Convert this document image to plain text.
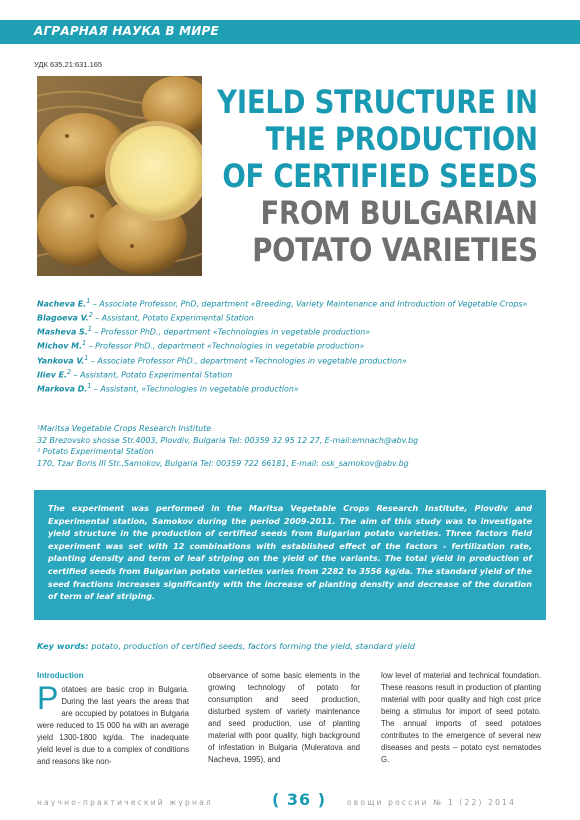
АГРАРНАЯ НАУКА В МИРЕ
УДК 635.21:631.165
YIELD STRUCTURE IN
THE PRODUCTION
OF CERTIFIED SEEDS
FROM BULGARIAN
POTATO VARIETIES
Nacheva E.$^1$ – Associate Professor, PhD, department «Breeding, Variety Maintenance and Introduction of Vegetable Crops»
Blagoeva V.$^2$ – Assistant, Potato Experimental Station
Masheva S.$^1$ – Professor PhD., department «Technologies in vegetable production»
Michov M.$^1$ – Professor PhD., department «Technologies in vegetable production»
Yankova V.$^1$ – Associate Professor PhD., department «Technologies in vegetable production»
Iliev E.$^2$ – Assistant, Potato Experimental Station
Markova D.$^1$ – Assistant, «Technologies in vegetable production»
¹Maritsa Vegetable Crops Research Institute
32 Brezovsko shosse Str.4003, Plovdiv, Bulgaria Tel: 00359 32 95 12 27, E-mail:emnach@abv.bg
² Potato Experimental Station
170, Tzar Boris III Str.,Samokov, Bulgaria Tel: 00359 722 66181, E-mail: osk_samokov@abv.bg

The experiment was performed in the Maritsa Vegetable Crops Research Institute, Plovdiv and Experimental station, Samokov during the period 2009-2011. The aim of this study was to investigate yield structure in the production of certified seeds from Bulgarian potato varieties. Three factors field experiment was set with 12 combinations with established effect of the factors - fertilization rate, planting density and term of leaf striping on the yield of the variants. The total yield in production of certified seeds from Bulgarian potato varieties varies from 2282 to 3556 kg/da. The standard yield of the seed fractions increases significantly with the increase of planting density and decrease of the duration of term of leaf striping.

Key words: potato, production of certified seeds, factors forming the yield, standard yield
Introduction
P otatoes are basic crop in Bulgaria. During the last years the areas that are occupied by potatoes in Bulgaria were reduced to 15 000 ha with an average yield 1300-1800 kg/da. The inadequate yield level is due to a complex of conditions and reasons like non-
observance of some basic elements in the growing technology of potato for consumption and seed production, disturbed system of variety maintenance and seed production, use of planting material with poor quality, high background of infestation in Bulgaria (Muleratova and Nacheva, 1995), and
low level of material and technical foundation. These reasons result in production of planting material with poor quality and high cost price being a stimulus for import of seed potato. The annual imports of seed potatoes contributes to the emergence of several new diseases and pests – potato cyst nematodes G.
научно-практический журнал	( 36 )	овощи россии № 1 (22) 2014
